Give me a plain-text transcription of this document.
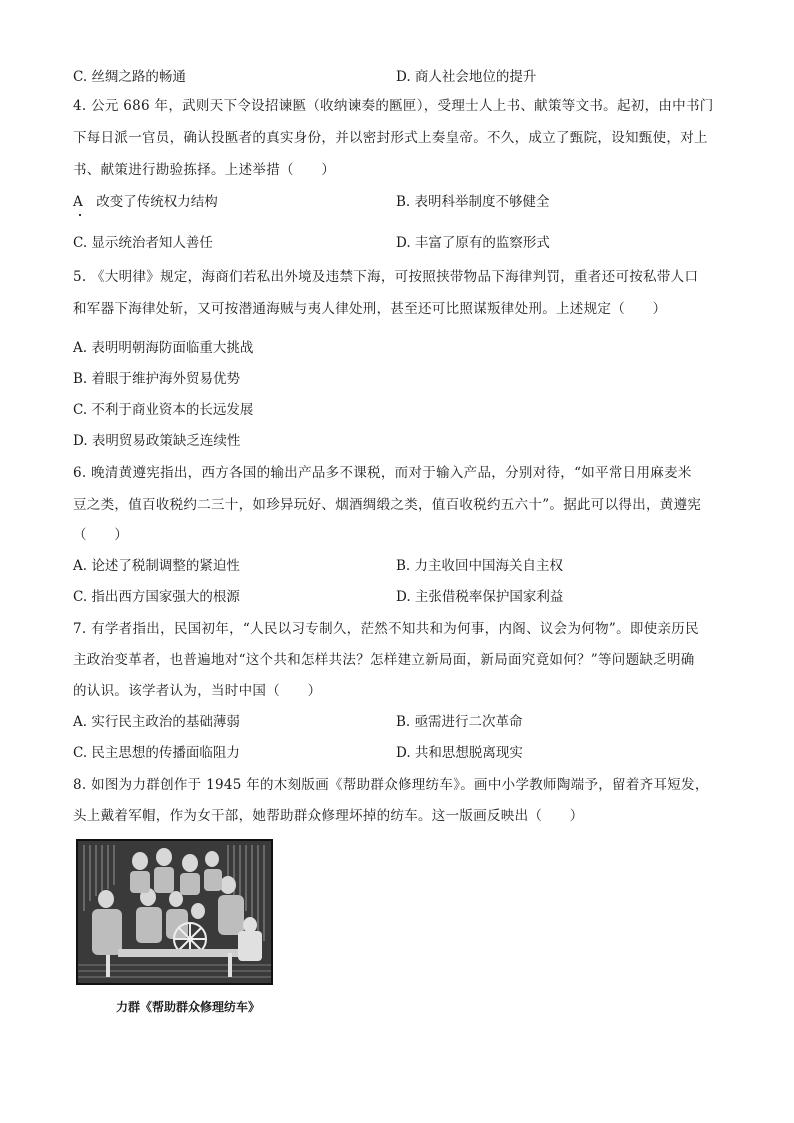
C. 丝绸之路的畅通	D. 商人社会地位的提升
4. 公元 686 年，武则天下令设招谏匦（收纳谏奏的匦匣），受理士人上书、献策等文书。起初，由中书门
下每日派一官员，确认投匦者的真实身份，并以密封形式上奏皇帝。不久，成立了甄院，设知甄使，对上
书、献策进行勘验拣择。上述举措（　　）
A　改变了传统权力结构	B. 表明科举制度不够健全
C. 显示统治者知人善任	D. 丰富了原有的监察形式
5. 《大明律》规定，海商们若私出外境及违禁下海，可按照挟带物品下海律判罚，重者还可按私带人口
和军器下海律处斩，又可按潜通海贼与夷人律处刑，甚至还可比照谋叛律处刑。上述规定（　　）
A. 表明明朝海防面临重大挑战
B. 着眼于维护海外贸易优势
C. 不利于商业资本的长远发展
D. 表明贸易政策缺乏连续性
6. 晚清黄遵宪指出，西方各国的输出产品多不课税，而对于输入产品，分别对待，“如平常日用麻麦米
豆之类，值百收税约二三十，如珍异玩好、烟酒绸缎之类，值百收税约五六十”。据此可以得出，黄遵宪
（　　）
A. 论述了税制调整的紧迫性	B. 力主收回中国海关自主权
C. 指出西方国家强大的根源	D. 主张借税率保护国家利益
7. 有学者指出，民国初年，“人民以习专制久，茫然不知共和为何事，内阁、议会为何物”。即使亲历民
主政治变革者，也普遍地对“这个共和怎样共法？怎样建立新局面，新局面究竟如何？”等问题缺乏明确
的认识。该学者认为，当时中国（　　）
A. 实行民主政治的基础薄弱	B. 亟需进行二次革命
C. 民主思想的传播面临阻力	D. 共和思想脱离现实
8. 如图为力群创作于 1945 年的木刻版画《帮助群众修理纺车》。画中小学教师陶端予，留着齐耳短发，
头上戴着军帽，作为女干部，她帮助群众修理坏掉的纺车。这一版画反映出（　　）
力群《帮助群众修理纺车》
